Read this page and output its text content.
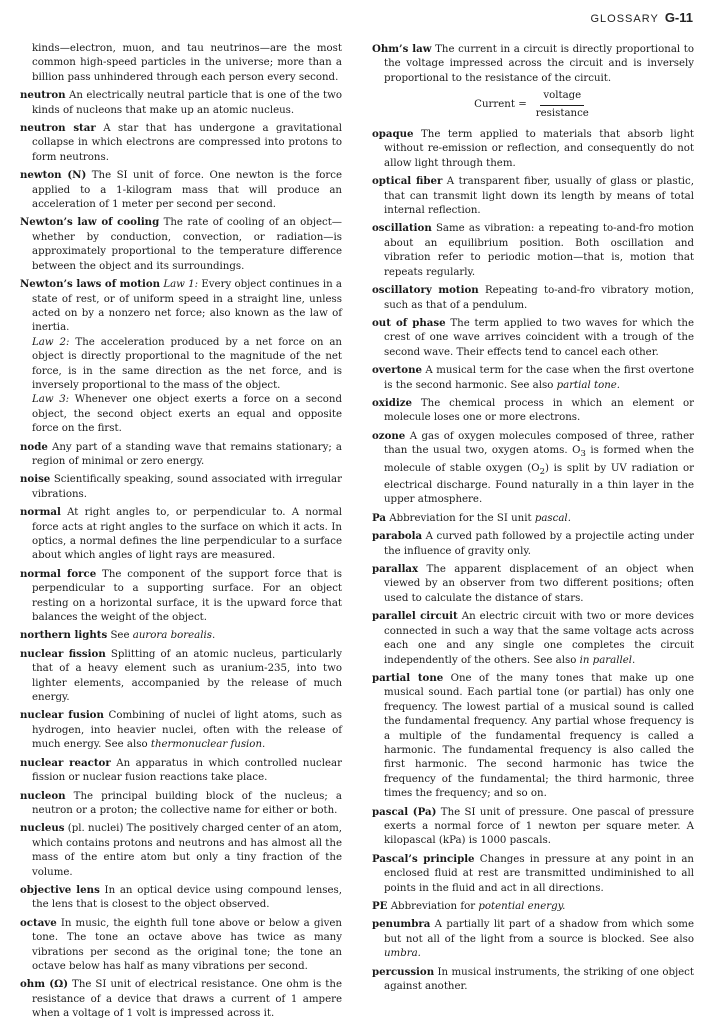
GLOSSARY G-11

kinds—electron, muon, and tau neutrinos—are the most common high-speed particles in the universe; more than a billion pass unhindered through each person every second.

neutron An electrically neutral particle that is one of the two kinds of nucleons that make up an atomic nucleus.

neutron star A star that has undergone a gravitational collapse in which electrons are compressed into protons to form neutrons.

newton (N) The SI unit of force. One newton is the force applied to a 1-kilogram mass that will produce an acceleration of 1 meter per second per second.

Newton’s law of cooling The rate of cooling of an object—whether by conduction, convection, or radiation—is approximately proportional to the temperature difference between the object and its surroundings.

Newton’s laws of motion Law 1: Every object continues in a state of rest, or of uniform speed in a straight line, unless acted on by a nonzero net force; also known as the law of inertia.
Law 2: The acceleration produced by a net force on an object is directly proportional to the magnitude of the net force, is in the same direction as the net force, and is inversely proportional to the mass of the object.
Law 3: Whenever one object exerts a force on a second object, the second object exerts an equal and opposite force on the first.

node Any part of a standing wave that remains stationary; a region of minimal or zero energy.

noise Scientifically speaking, sound associated with irregular vibrations.

normal At right angles to, or perpendicular to. A normal force acts at right angles to the surface on which it acts. In optics, a normal defines the line perpendicular to a surface about which angles of light rays are measured.

normal force The component of the support force that is perpendicular to a supporting surface. For an object resting on a horizontal surface, it is the upward force that balances the weight of the object.

northern lights See aurora borealis.

nuclear fission Splitting of an atomic nucleus, particularly that of a heavy element such as uranium-235, into two lighter elements, accompanied by the release of much energy.

nuclear fusion Combining of nuclei of light atoms, such as hydrogen, into heavier nuclei, often with the release of much energy. See also thermonuclear fusion.

nuclear reactor An apparatus in which controlled nuclear fission or nuclear fusion reactions take place.

nucleon The principal building block of the nucleus; a neutron or a proton; the collective name for either or both.

nucleus (pl. nuclei) The positively charged center of an atom, which contains protons and neutrons and has almost all the mass of the entire atom but only a tiny fraction of the volume.

objective lens In an optical device using compound lenses, the lens that is closest to the object observed.

octave In music, the eighth full tone above or below a given tone. The tone an octave above has twice as many vibrations per second as the original tone; the tone an octave below has half as many vibrations per second.

ohm (Ω) The SI unit of electrical resistance. One ohm is the resistance of a device that draws a current of 1 ampere when a voltage of 1 volt is impressed across it.

Ohm’s law The current in a circuit is directly proportional to the voltage impressed across the circuit and is inversely proportional to the resistance of the circuit.

Current = $\frac{\text{voltage}}{\text{resistance}}$

opaque The term applied to materials that absorb light without re-emission or reflection, and consequently do not allow light through them.

optical fiber A transparent fiber, usually of glass or plastic, that can transmit light down its length by means of total internal reflection.

oscillation Same as vibration: a repeating to-and-fro motion about an equilibrium position. Both oscillation and vibration refer to periodic motion—that is, motion that repeats regularly.

oscillatory motion Repeating to-and-fro vibratory motion, such as that of a pendulum.

out of phase The term applied to two waves for which the crest of one wave arrives coincident with a trough of the second wave. Their effects tend to cancel each other.

overtone A musical term for the case when the first overtone is the second harmonic. See also partial tone.

oxidize The chemical process in which an element or molecule loses one or more electrons.

ozone A gas of oxygen molecules composed of three, rather than the usual two, oxygen atoms. $O_3$ is formed when the molecule of stable oxygen $(O_2)$ is split by UV radiation or electrical discharge. Found naturally in a thin layer in the upper atmosphere.

Pa Abbreviation for the SI unit pascal.

parabola A curved path followed by a projectile acting under the influence of gravity only.

parallax The apparent displacement of an object when viewed by an observer from two different positions; often used to calculate the distance of stars.

parallel circuit An electric circuit with two or more devices connected in such a way that the same voltage acts across each one and any single one completes the circuit independently of the others. See also in parallel.

partial tone One of the many tones that make up one musical sound. Each partial tone (or partial) has only one frequency. The lowest partial of a musical sound is called the fundamental frequency. Any partial whose frequency is a multiple of the fundamental frequency is called a harmonic. The fundamental frequency is also called the first harmonic. The second harmonic has twice the frequency of the fundamental; the third harmonic, three times the frequency; and so on.

pascal (Pa) The SI unit of pressure. One pascal of pressure exerts a normal force of 1 newton per square meter. A kilopascal (kPa) is 1000 pascals.

Pascal’s principle Changes in pressure at any point in an enclosed fluid at rest are transmitted undiminished to all points in the fluid and act in all directions.

PE Abbreviation for potential energy.

penumbra A partially lit part of a shadow from which some but not all of the light from a source is blocked. See also umbra.

percussion In musical instruments, the striking of one object against another.
